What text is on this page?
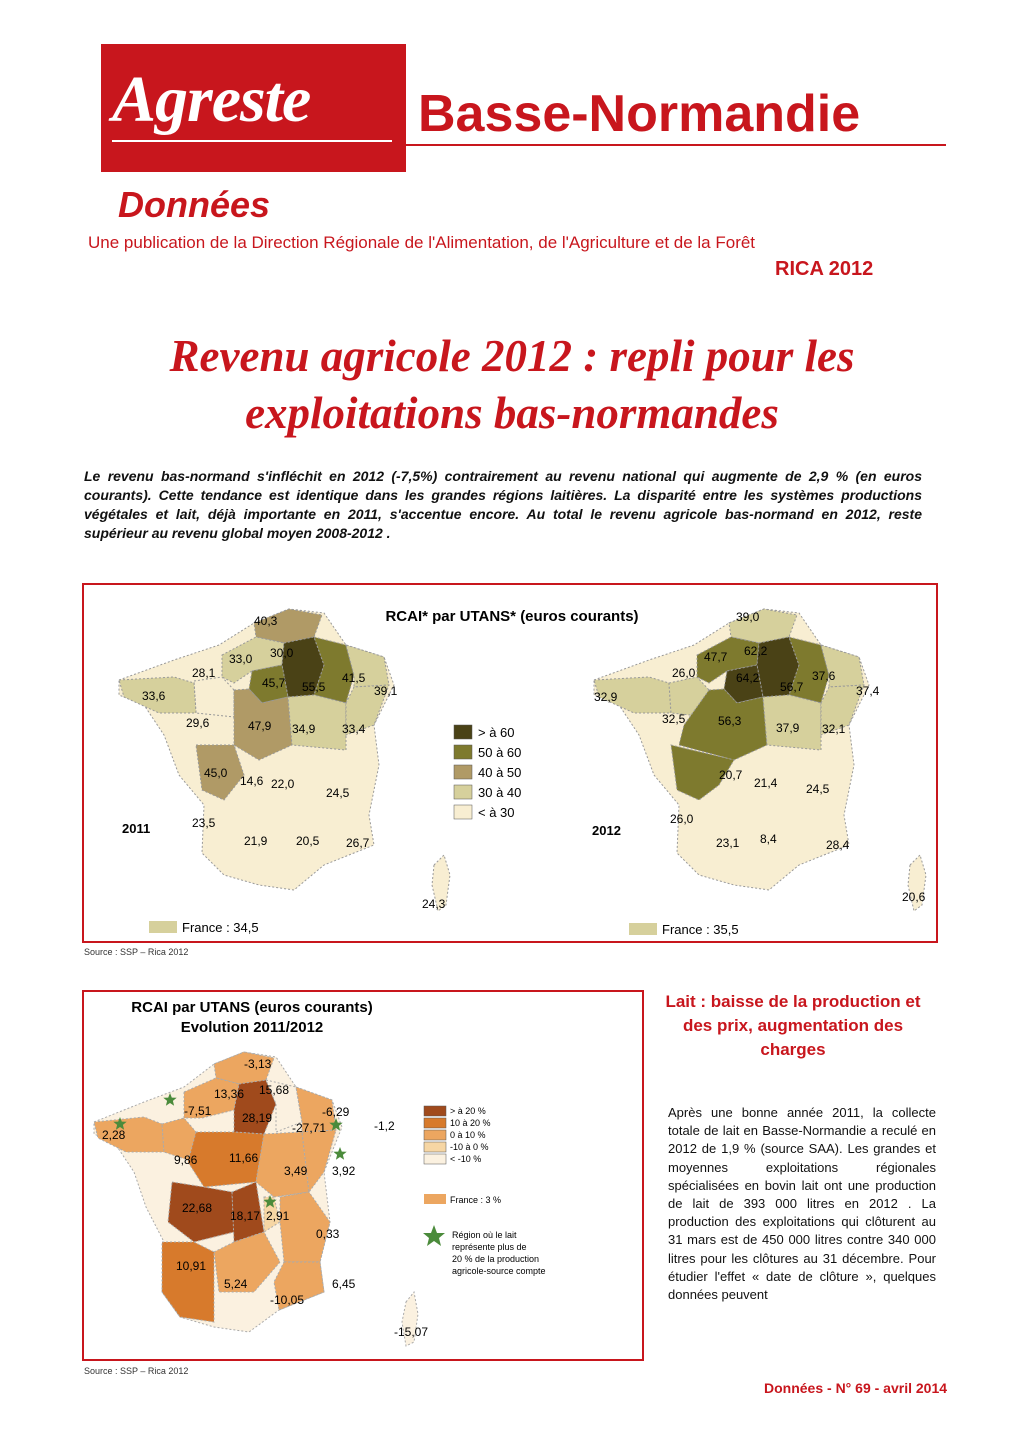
Agreste Basse-Normandie
Données
Une publication de la Direction Régionale de l'Alimentation, de l'Agriculture et de la Forêt
RICA 2012
Revenu agricole 2012 : repli pour les exploitations bas-normandes
Le revenu bas-normand s'infléchit en 2012 (-7,5%) contrairement au revenu national qui augmente de 2,9 % (en euros courants). Cette tendance est identique dans les grandes régions laitières. La disparité entre les systèmes productions végétales et lait, déjà importante en 2011, s'accentue encore. Au total le revenu agricole bas-normand en 2012, reste supérieur au revenu global moyen 2008-2012 .
RCAI* par UTANS* (euros courants)
40,3
28,1
33,0 30,0
41,5
33,6
45,7 55,5	39,1
29,6	47,9 34,9 33,4
45,0
14,6 22,0
24,5
23,5
21,9 20,5 26,7
24,3
39,0
26,0
47,7 62,2
37,6
32,9
64,2
56,7	37,4
32,5	56,3	37,9 32,1
20,7
21,4 24,5
26,0
23,1 8,4	28,4
20,6
2011	2012
> à 60
50 à 60
40 à 50
30 à 40
< à 30
France : 34,5	France : 35,5
Source : SSP – Rica 2012
RCAI par UTANS (euros courants)
Evolution 2011/2012
-3,13
13,36 15,68
-7,51	28,19	-6,29
2,28	-27,71	-1,2
9,86	11,66
3,49 3,92
22,68
18,17 2,91
0,33
10,91
5,24	6,45
-10,05
-15,07
> à 20 %
10 à 20 %
0 à 10 %
-10 à 0 %
< -10 %
France : 3 %
Région où le lait
représente plus de
20 % de la production
agricole-source compte
Source : SSP – Rica 2012
Lait : baisse de la production et des prix, augmentation des charges
Après une bonne année 2011, la collecte totale de lait en Basse-Normandie a reculé en 2012 de 1,9 % (source SAA). Les grandes et moyennes exploitations régionales spécialisées en bovin lait ont une production de lait de 393 000 litres en 2012 . La production des exploitations qui clôturent au 31 mars est de 450 000 litres contre 340 000 litres pour les clôtures au 31 décembre. Pour étudier l'effet « date de clôture », quelques données peuvent
Données - N° 69 - avril 2014
